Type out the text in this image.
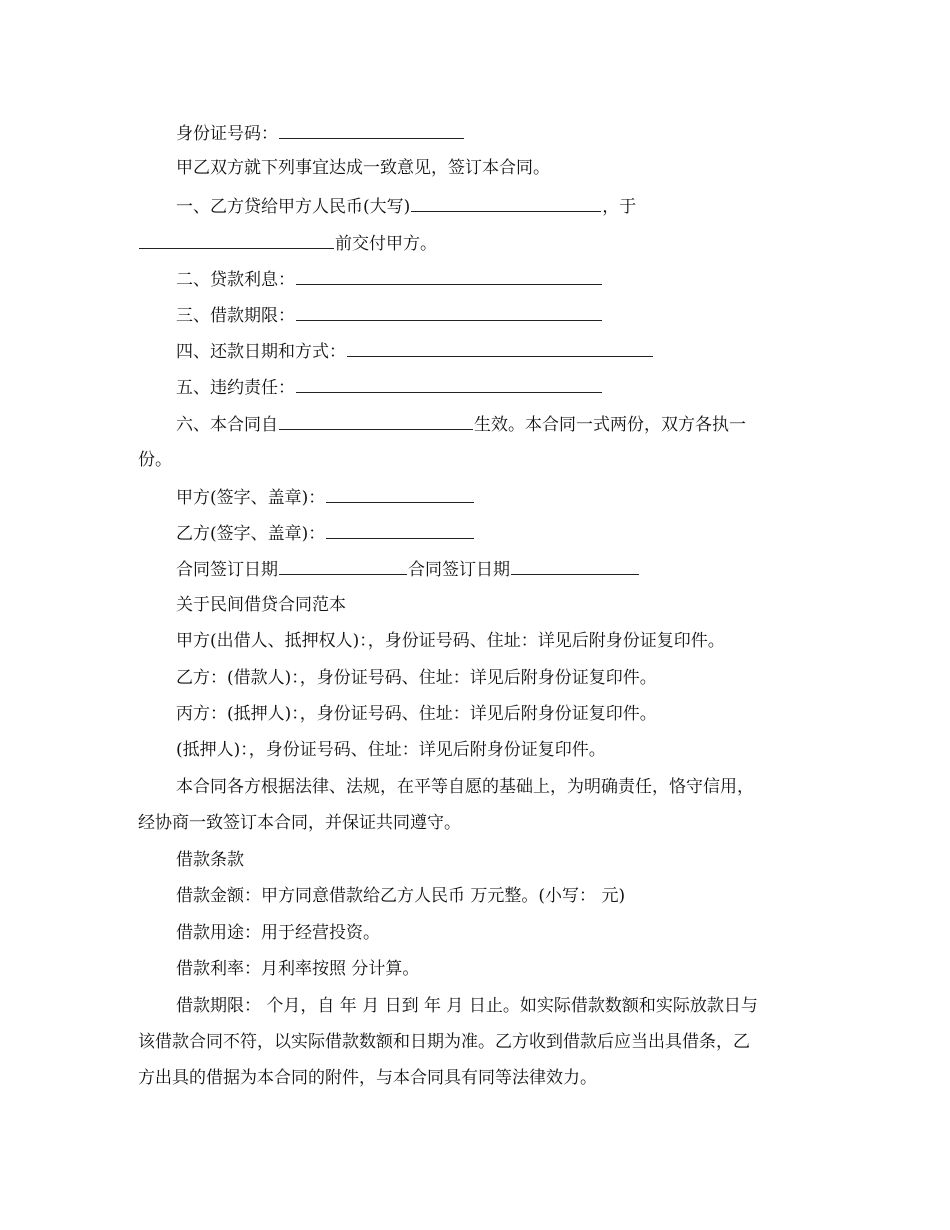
身份证号码：
甲乙双方就下列事宜达成一致意见，签订本合同。
一、乙方贷给甲方人民币(大写)	，于
前交付甲方。
二、贷款利息：
三、借款期限：
四、还款日期和方式：
五、违约责任：
六、本合同自	生效。本合同一式两份，双方各执一
份。
甲方(签字、盖章)：
乙方(签字、盖章)：
合同签订日期	合同签订日期
关于民间借贷合同范本
甲方(出借人、抵押权人)：，身份证号码、住址：详见后附身份证复印件。
乙方：(借款人)：，身份证号码、住址：详见后附身份证复印件。
丙方：(抵押人)：，身份证号码、住址：详见后附身份证复印件。
(抵押人)：，身份证号码、住址：详见后附身份证复印件。
本合同各方根据法律、法规，在平等自愿的基础上，为明确责任，恪守信用，
经协商一致签订本合同，并保证共同遵守。
借款条款
借款金额：甲方同意借款给乙方人民币 万元整。(小写： 元)
借款用途：用于经营投资。
借款利率：月利率按照 分计算。
借款期限： 个月，自 年 月 日到 年 月 日止。如实际借款数额和实际放款日与
该借款合同不符，以实际借款数额和日期为准。乙方收到借款后应当出具借条，乙
方出具的借据为本合同的附件，与本合同具有同等法律效力。
